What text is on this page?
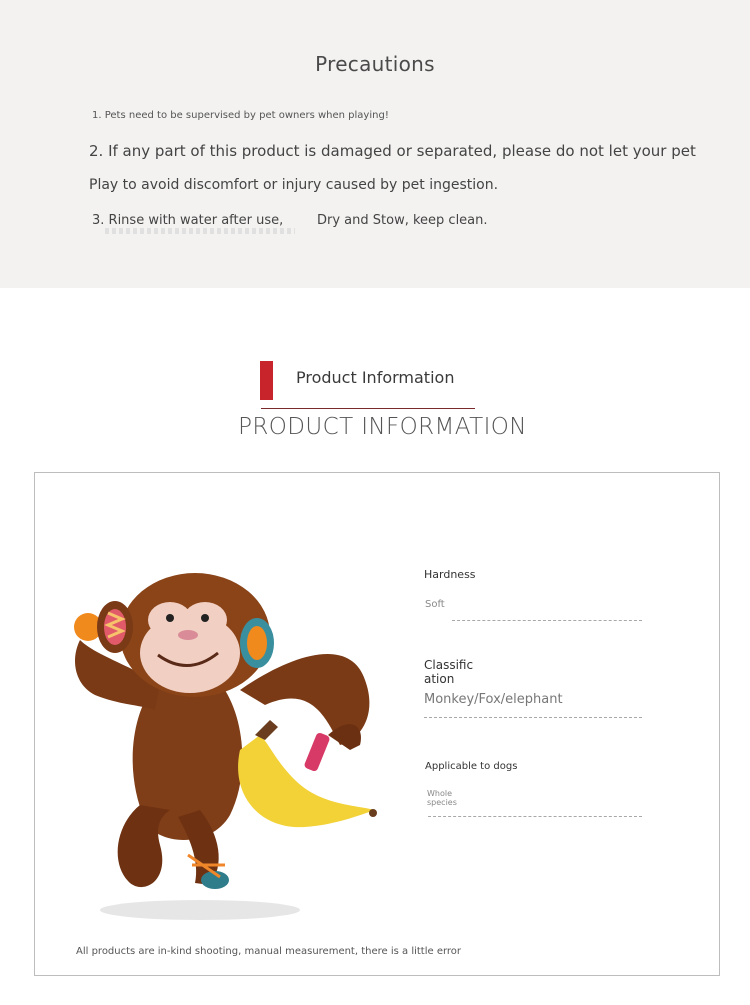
Precautions
1. Pets need to be supervised by pet owners when playing!
2. If any part of this product is damaged or separated, please do not let your pet
Play to avoid discomfort or injury caused by pet ingestion.
3. Rinse with water after use,	Dry and Stow, keep clean.
Product Information
PRODUCT INFORMATION
Hardness
Soft
Classific
ation
Monkey/Fox/elephant
Applicable to dogs
Whole
species
All products are in-kind shooting, manual measurement, there is a little error
